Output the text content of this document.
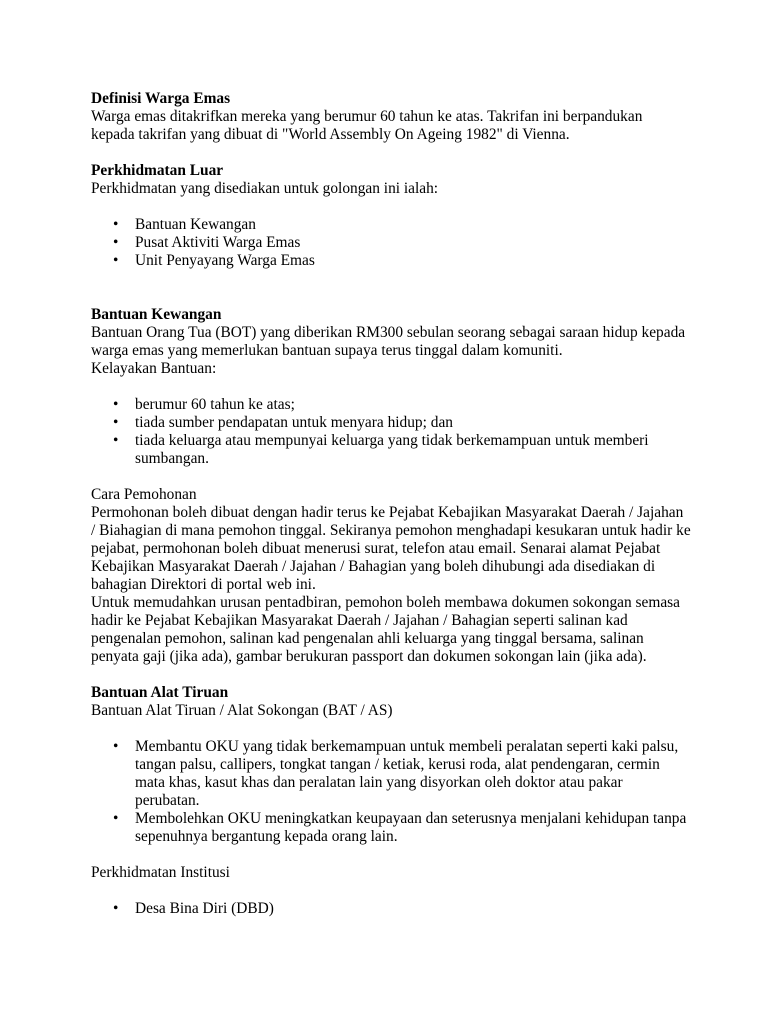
Definisi Warga Emas
Warga emas ditakrifkan mereka yang berumur 60 tahun ke atas. Takrifan ini berpandukan
kepada takrifan yang dibuat di "World Assembly On Ageing 1982" di Vienna.
Perkhidmatan Luar
Perkhidmatan yang disediakan untuk golongan ini ialah:
• Bantuan Kewangan
• Pusat Aktiviti Warga Emas
• Unit Penyayang Warga Emas
Bantuan Kewangan
Bantuan Orang Tua (BOT) yang diberikan RM300 sebulan seorang sebagai saraan hidup kepada
warga emas yang memerlukan bantuan supaya terus tinggal dalam komuniti.
Kelayakan Bantuan:
• berumur 60 tahun ke atas;
• tiada sumber pendapatan untuk menyara hidup; dan
• tiada keluarga atau mempunyai keluarga yang tidak berkemampuan untuk memberi
sumbangan.
Cara Pemohonan
Permohonan boleh dibuat dengan hadir terus ke Pejabat Kebajikan Masyarakat Daerah / Jajahan
/ Biahagian di mana pemohon tinggal. Sekiranya pemohon menghadapi kesukaran untuk hadir ke
pejabat, permohonan boleh dibuat menerusi surat, telefon atau email. Senarai alamat Pejabat
Kebajikan Masyarakat Daerah / Jajahan / Bahagian yang boleh dihubungi ada disediakan di
bahagian Direktori di portal web ini.
Untuk memudahkan urusan pentadbiran, pemohon boleh membawa dokumen sokongan semasa
hadir ke Pejabat Kebajikan Masyarakat Daerah / Jajahan / Bahagian seperti salinan kad
pengenalan pemohon, salinan kad pengenalan ahli keluarga yang tinggal bersama, salinan
penyata gaji (jika ada), gambar berukuran passport dan dokumen sokongan lain (jika ada).
Bantuan Alat Tiruan
Bantuan Alat Tiruan / Alat Sokongan (BAT / AS)
• Membantu OKU yang tidak berkemampuan untuk membeli peralatan seperti kaki palsu,
tangan palsu, callipers, tongkat tangan / ketiak, kerusi roda, alat pendengaran, cermin
mata khas, kasut khas dan peralatan lain yang disyorkan oleh doktor atau pakar
perubatan.
• Membolehkan OKU meningkatkan keupayaan dan seterusnya menjalani kehidupan tanpa
sepenuhnya bergantung kepada orang lain.
Perkhidmatan Institusi
• Desa Bina Diri (DBD)
